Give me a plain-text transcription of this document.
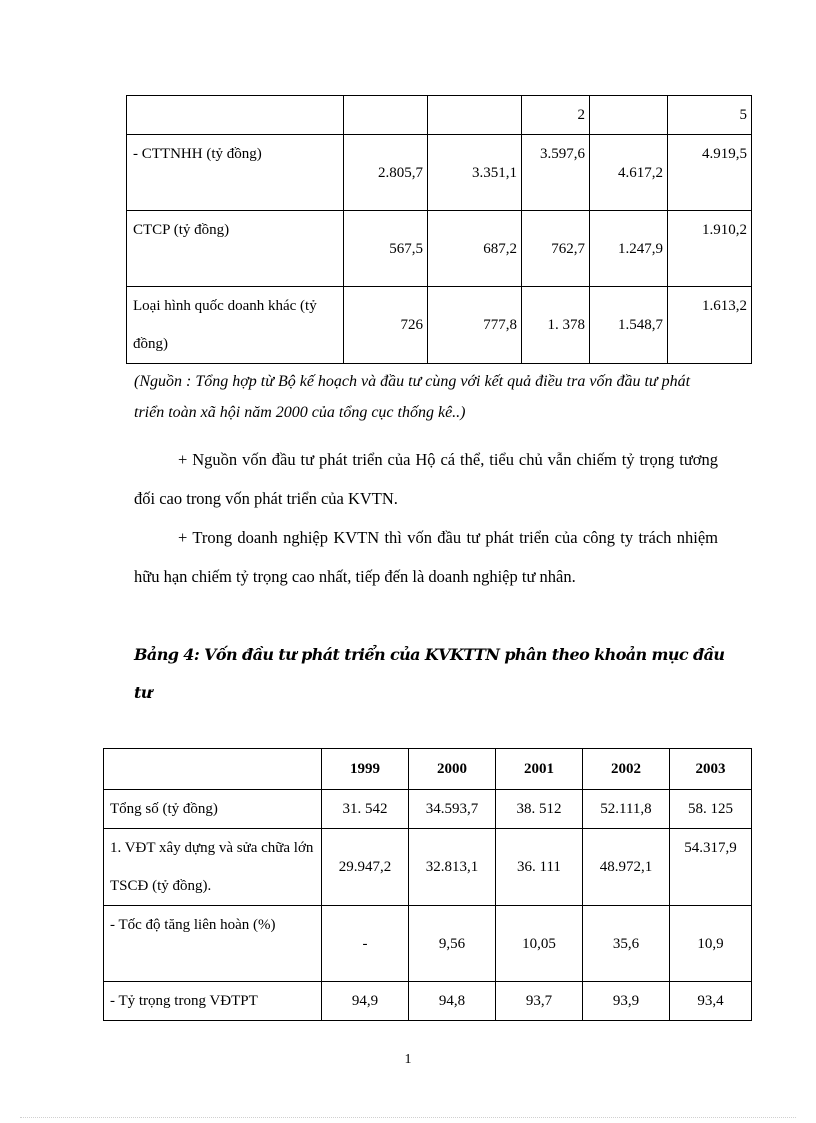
			2		5
- CTTNHH (tỷ đồng)	2.805,7	3.351,1	3.597,6	4.617,2	4.919,5
CTCP (tỷ đồng)	567,5	687,2	762,7	1.247,9	1.910,2
Loại hình quốc doanh khác (tỷ đồng)	726	777,8	1. 378	1.548,7	1.613,2

(Nguồn : Tổng hợp từ Bộ kế hoạch và đầu tư cùng với kết quả điều tra vốn đầu tư phát triển toàn xã hội năm 2000 của tổng cục thống kê..)

+ Nguồn vốn đầu tư phát triển của Hộ cá thể, tiểu chủ vẫn chiếm tỷ trọng tương đối cao trong vốn phát triển của KVTN.

+ Trong doanh nghiệp KVTN thì vốn đầu tư phát triển của công ty trách nhiệm hữu hạn chiếm tỷ trọng cao nhất, tiếp đến là doanh nghiệp tư nhân.

Bảng 4: Vốn đầu tư phát triển của KVKTTN phân theo khoản mục đầu tư

	1999	2000	2001	2002	2003
Tổng số (tỷ đồng)	31. 542	34.593,7	38. 512	52.111,8	58. 125
1. VĐT xây dựng và sửa chữa lớn TSCĐ (tỷ đồng).	29.947,2	32.813,1	36. 111	48.972,1	54.317,9
- Tốc độ tăng liên hoàn (%)	-	9,56	10,05	35,6	10,9
- Tỷ trọng trong VĐTPT	94,9	94,8	93,7	93,9	93,4
1
